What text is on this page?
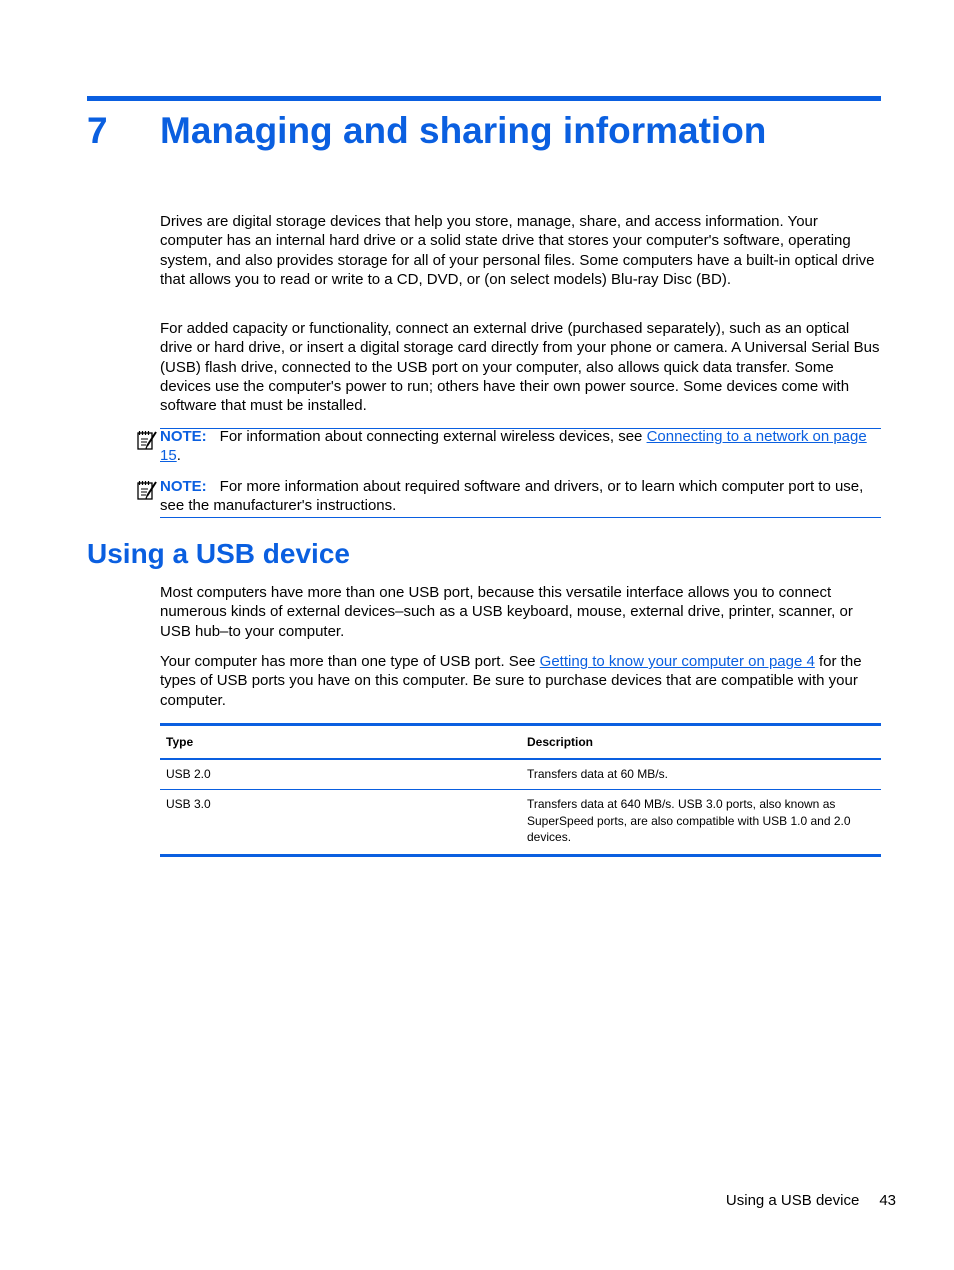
7 Managing and sharing information

Drives are digital storage devices that help you store, manage, share, and access information. Your computer has an internal hard drive or a solid state drive that stores your computer's software, operating system, and also provides storage for all of your personal files. Some computers have a built-in optical drive that allows you to read or write to a CD, DVD, or (on select models) Blu-ray Disc (BD).

For added capacity or functionality, connect an external drive (purchased separately), such as an optical drive or hard drive, or insert a digital storage card directly from your phone or camera. A Universal Serial Bus (USB) flash drive, connected to the USB port on your computer, also allows quick data transfer. Some devices use the computer's power to run; others have their own power source. Some devices come with software that must be installed.

NOTE: For information about connecting external wireless devices, see Connecting to a network on page 15.

NOTE: For more information about required software and drivers, or to learn which computer port to use, see the manufacturer's instructions.

Using a USB device

Most computers have more than one USB port, because this versatile interface allows you to connect numerous kinds of external devices–such as a USB keyboard, mouse, external drive, printer, scanner, or USB hub–to your computer.

Your computer has more than one type of USB port. See Getting to know your computer on page 4 for the types of USB ports you have on this computer. Be sure to purchase devices that are compatible with your computer.

Type	Description
USB 2.0	Transfers data at 60 MB/s.
USB 3.0	Transfers data at 640 MB/s. USB 3.0 ports, also known as SuperSpeed ports, are also compatible with USB 1.0 and 2.0 devices.
Using a USB device 43
